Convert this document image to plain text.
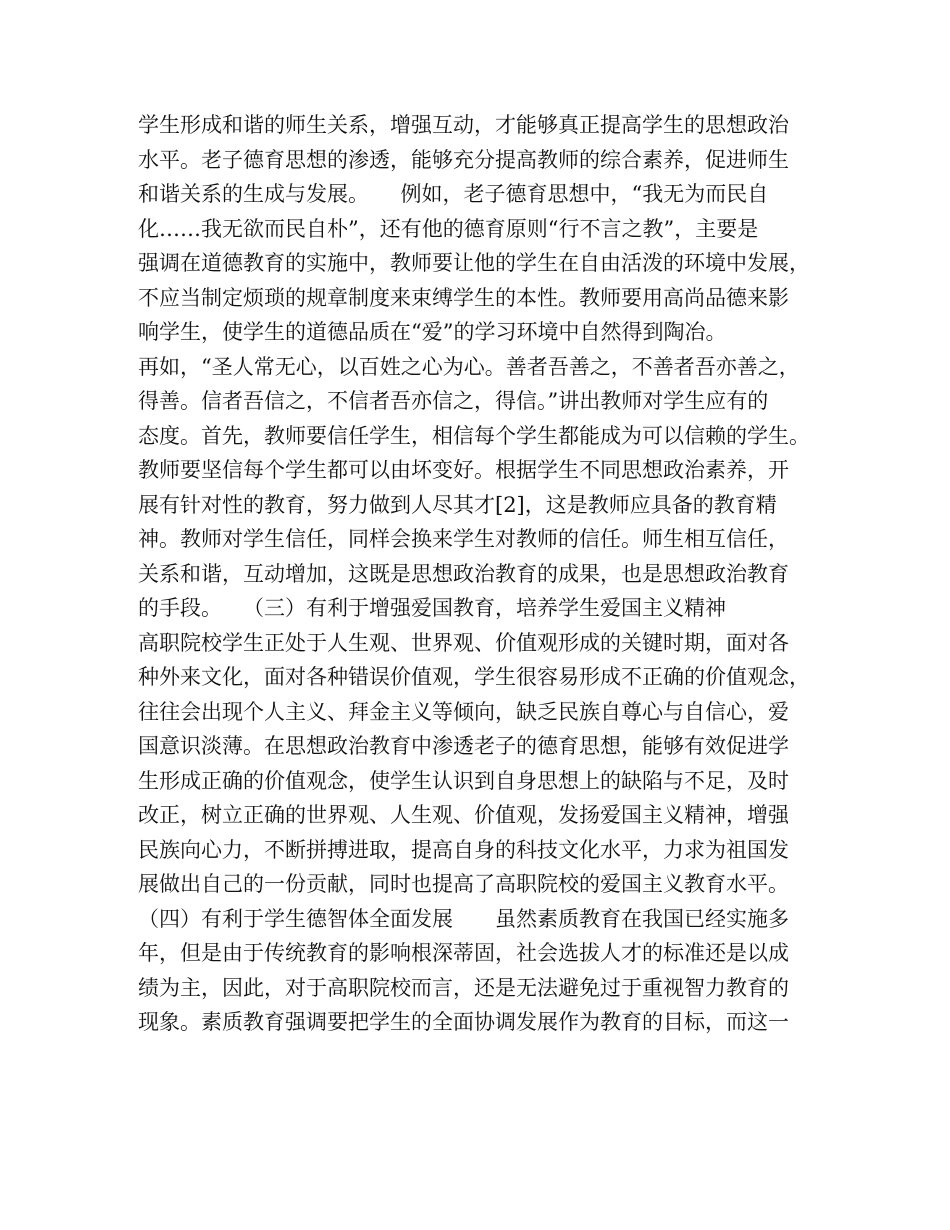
学生形成和谐的师生关系，增强互动，才能够真正提高学生的思想政治
水平。老子德育思想的渗透，能够充分提高教师的综合素养，促进师生
和谐关系的生成与发展。　　例如，老子德育思想中，“我无为而民自
化……我无欲而民自朴”，还有他的德育原则“行不言之教”，主要是
强调在道德教育的实施中，教师要让他的学生在自由活泼的环境中发展，
不应当制定烦琐的规章制度来束缚学生的本性。教师要用高尚品德来影
响学生，使学生的道德品质在“爱”的学习环境中自然得到陶冶。
再如，“圣人常无心，以百姓之心为心。善者吾善之，不善者吾亦善之，
得善。信者吾信之，不信者吾亦信之，得信。”讲出教师对学生应有的
态度。首先，教师要信任学生，相信每个学生都能成为可以信赖的学生。
教师要坚信每个学生都可以由坏变好。根据学生不同思想政治素养，开
展有针对性的教育，努力做到人尽其才[2]，这是教师应具备的教育精
神。教师对学生信任，同样会换来学生对教师的信任。师生相互信任，
关系和谐，互动增加，这既是思想政治教育的成果，也是思想政治教育
的手段。　　（三）有利于增强爱国教育，培养学生爱国主义精神
高职院校学生正处于人生观、世界观、价值观形成的关键时期，面对各
种外来文化，面对各种错误价值观，学生很容易形成不正确的价值观念，
往往会出现个人主义、拜金主义等倾向，缺乏民族自尊心与自信心，爱
国意识淡薄。在思想政治教育中渗透老子的德育思想，能够有效促进学
生形成正确的价值观念，使学生认识到自身思想上的缺陷与不足，及时
改正，树立正确的世界观、人生观、价值观，发扬爱国主义精神，增强
民族向心力，不断拼搏进取，提高自身的科技文化水平，力求为祖国发
展做出自己的一份贡献，同时也提高了高职院校的爱国主义教育水平。
（四）有利于学生德智体全面发展　　虽然素质教育在我国已经实施多
年，但是由于传统教育的影响根深蒂固，社会选拔人才的标准还是以成
绩为主，因此，对于高职院校而言，还是无法避免过于重视智力教育的
现象。素质教育强调要把学生的全面协调发展作为教育的目标，而这一
